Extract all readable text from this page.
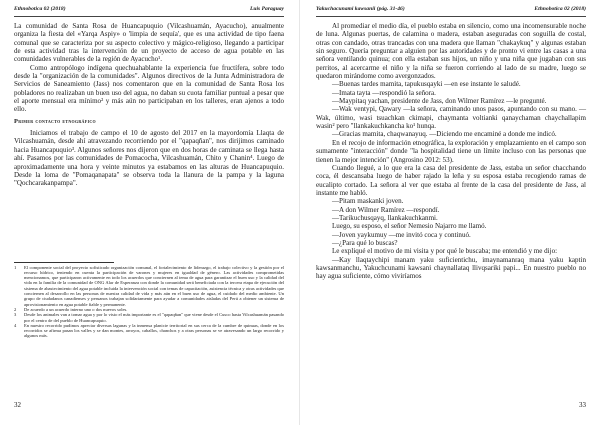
Ethnobotica 02 (2018)	Luis Paraguay

La comunidad de Santa Rosa de Huancapuquio (Vilcashuamán, Ayacucho), anualmente organiza la fiesta del «Yarqa Aspiy» o 'limpia de sequía', que es una actividad de tipo faena comunal que se caracteriza por su aspecto colectivo y mágico-religioso, llegando a participar de esta actividad tras la intervención de un proyecto de acceso de agua potable en las comunidades vulnerables de la región de Ayacucho¹.

Como antropólogo indígena quechuahablante la experiencia fue fructífera, sobre todo desde la "organización de la comunidades". Algunos directivos de la Junta Administradora de Servicios de Saneamiento (Jass) nos comentaron que en la comunidad de Santa Rosa los pobladores no realizaban un buen uso del agua, no daban su cuota familiar puntual a pesar que el aporte mensual era mínimo² y más aún no participaban en los talleres, eran ajenos a todo ello.

Primer contacto etnográfico

Iniciamos el trabajo de campo el 10 de agosto del 2017 en la mayordomía Llaqta de Vilcashuamán, desde ahí atravezando recorriendo por el "qapaqñan", nos dirijimos caminado hacia Huancapuquio³. Algunos señores nos dijeron que en dos horas de caminata se llega hasta ahí. Pasamos por las comunidades de Pomacocha, Vilcashuamán, Chito y Chanin⁴. Luego de aproximadamente una hora y veinte minutos ya estabamos en las alturas de Huancapuquio. Desde la loma de "Pomaqanapata" se observa toda la llanura de la pampa y la laguna "Qochcarakanpampa".

1	El componente social del proyecto sofisticado organización comunal, el fortalecimiento de liderazgo, el trabajo colectivo y la gestión por el recurso hídrico, teniendo en cuenta la participación de varones y mujeres en igualdad de género. Las actividades comprometidas mencionamos, que participaron activamente en todo los acuerdos que conciernen al tema de agua para garantizar el buen uso y la calidad del vida en la familia de la comunidad de ONG Alar de Esperanza con donde la comunidad será beneficiada con la tercera etapa de ejecución del sistema de abastecimiento del agua potable incluida la intervención social con temas de capacitación, asistencia técnica y otras actividades que conciernen al desarrollo en las personas de nuestra calidad de vida y más aún en el buen uso de agua, el cuidado del medio ambiente. Un grupo de ciudadanos canadienses y peruanos trabajan solidariamente para ayudar a comunidades aisladas del Perú a obtener un sistema de aprovisionamiento en agua potable fiable y permanente.
2	De acuerdo a un acuerdo interno uno o dos nuevos soles.
3	Desde los animales van a tomar agua y por lo visto el más importante es el "qapaqñan" que viene desde el Cusco hasta Vilcashuamán pasando por el centro de del pueblo de Huancapuquio.
4	En nuestro recorrido pudimos apreciar diversas lagunas y la inmensa planicie territorial en sus cerca de la cumbre de quinuas, donde en los recorridos se afirma pasan los valles y se dan montes, arroyos, caballos, chanchos y a otras personas se ve atravesando un largo recorrido y algunos más.
32
Yakuchacunami kawsanii (pág. 31-46)	Ethnobotica 02 (2018)

Al promediar el medio día, el pueblo estaba en silencio, como una incomensurable noche de luna. Algunas puertas, de calamina o madera, estaban aseguradas con soguilla de costal, otras con candado, otras trancadas con una madera que llaman "chakaykuq" y algunas estaban sin seguro. Quería preguntar a alguien por las autoridades y de pronto vi entre las casas a una señora ventilando quinua; con ella estaban sus hijos, un niño y una niña que jugaban con sus perritos, al acercarme el niño y la niña se fueron corriendo al lado de su madre, luego se quedaron mirándome como avergonzados.

—Buenas tardes mamita, tapukusqayki —en ese instante le saludé.

—Imata tayta —respondió la señora.

—Maypitaq yachan, presidente de Jass, don Wilmer Ramírez —le pregunté.

—Wak ventypi, Qawary —la señora, caminando unos pasos, apuntando con su mano. —Wak, último, wasi tsuachkan ckimapi, chaymanta voltianki qanaychaman chaychallapim wasin² pero "llankakuchkancha ko¹ hunqa.

—Gracias mamita, chaqwanayuq. —Diciendo me encaminé a donde me indicó.

En el recojo de información etnográfica, la exploración y emplazamiento en el campo son sumamente "interacción" donde "la hospitalidad tiene un límite incluso con las personas que tienen la mejor intención" (Angrosino 2012: 53).

Cuando llegué, a lo que era la casa del presidente de Jass, estaba un señor chacchando coca, él descansaba luego de haber rajado la leña y su esposa estaba recogiendo ramas de eucalipto cortado. La señora al ver que estaba al frente de la casa del presidente de Jass, al instante me habló.

—Pitam maskanki joven.

—A don Wilmer Ramírez —respondí.

—Tarikuchusqayq, llankakuchkanmi.

Luego, su esposo, el señor Nemesio Najarro me llamó.

—Joven yaykumuy —me invitó coca y continuó.

—¿Para qué lo buscas?

Le expliqué el motivo de mi visita y por qué le buscaba; me entendió y me dijo:

—Kay llaqtaychipi manam yaku suficientichu, imaynamanraq mana yaku kaptin kawsanmanchu, Yakuchcunami kawsani chaynallataq llivqsariki papi... En nuestro pueblo no hay agua suficiente, cómo viviríamos

33
